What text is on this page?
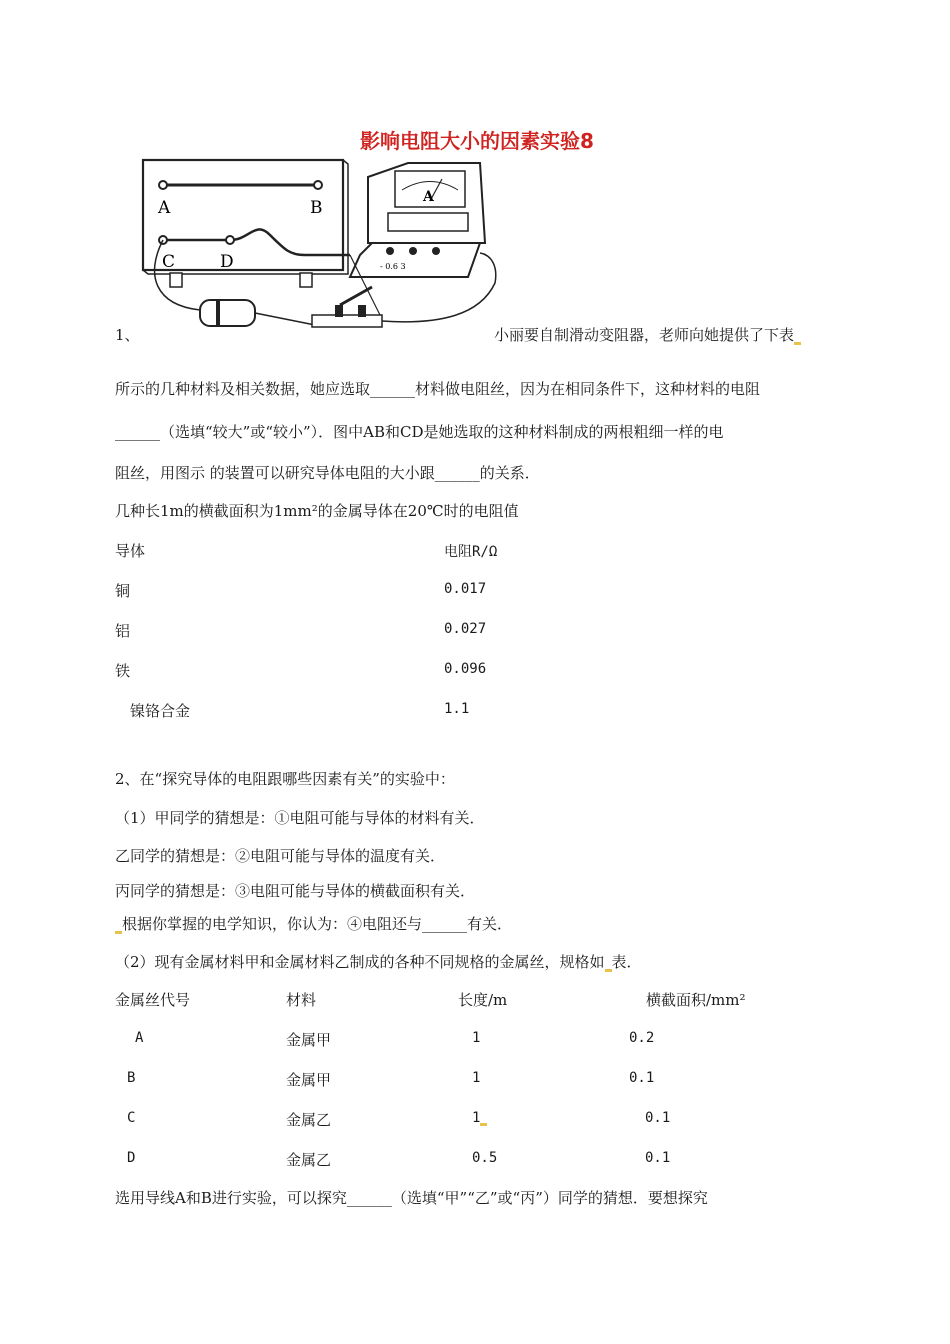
影响电阻大小的因素实验8
A	B
C	D
A
- 0.6 3
1、	小丽要自制滑动变阻器，老师向她提供了下表
所示的几种材料及相关数据，她应选取______材料做电阻丝，因为在相同条件下，这种材料的电阻
______（选填“较大”或“较小”）．图中AB和CD是她选取的这种材料制成的两根粗细一样的电
阻丝，用图示 的装置可以研究导体电阻的大小跟______的关系．
几种长1m的横截面积为1mm²的金属导体在20℃时的电阻值
导体	电阻R/Ω
铜	0.017
铝	0.027
铁	0.096
镍铬合金	1.1
2、在“探究导体的电阻跟哪些因素有关”的实验中：
（1）甲同学的猜想是：①电阻可能与导体的材料有关．
乙同学的猜想是：②电阻可能与导体的温度有关．
丙同学的猜想是：③电阻可能与导体的横截面积有关．
根据你掌握的电学知识，你认为：④电阻还与______有关．
（2）现有金属材料甲和金属材料乙制成的各种不同规格的金属丝，规格如 表．
金属丝代号	材料	长度/m	横截面积/mm²
A	金属甲	1	0.2
B	金属甲	1	0.1
C	金属乙	1	0.1
D	金属乙	0.5	0.1
选用导线A和B进行实验，可以探究______（选填“甲”“乙”或“丙”）同学的猜想．要想探究
